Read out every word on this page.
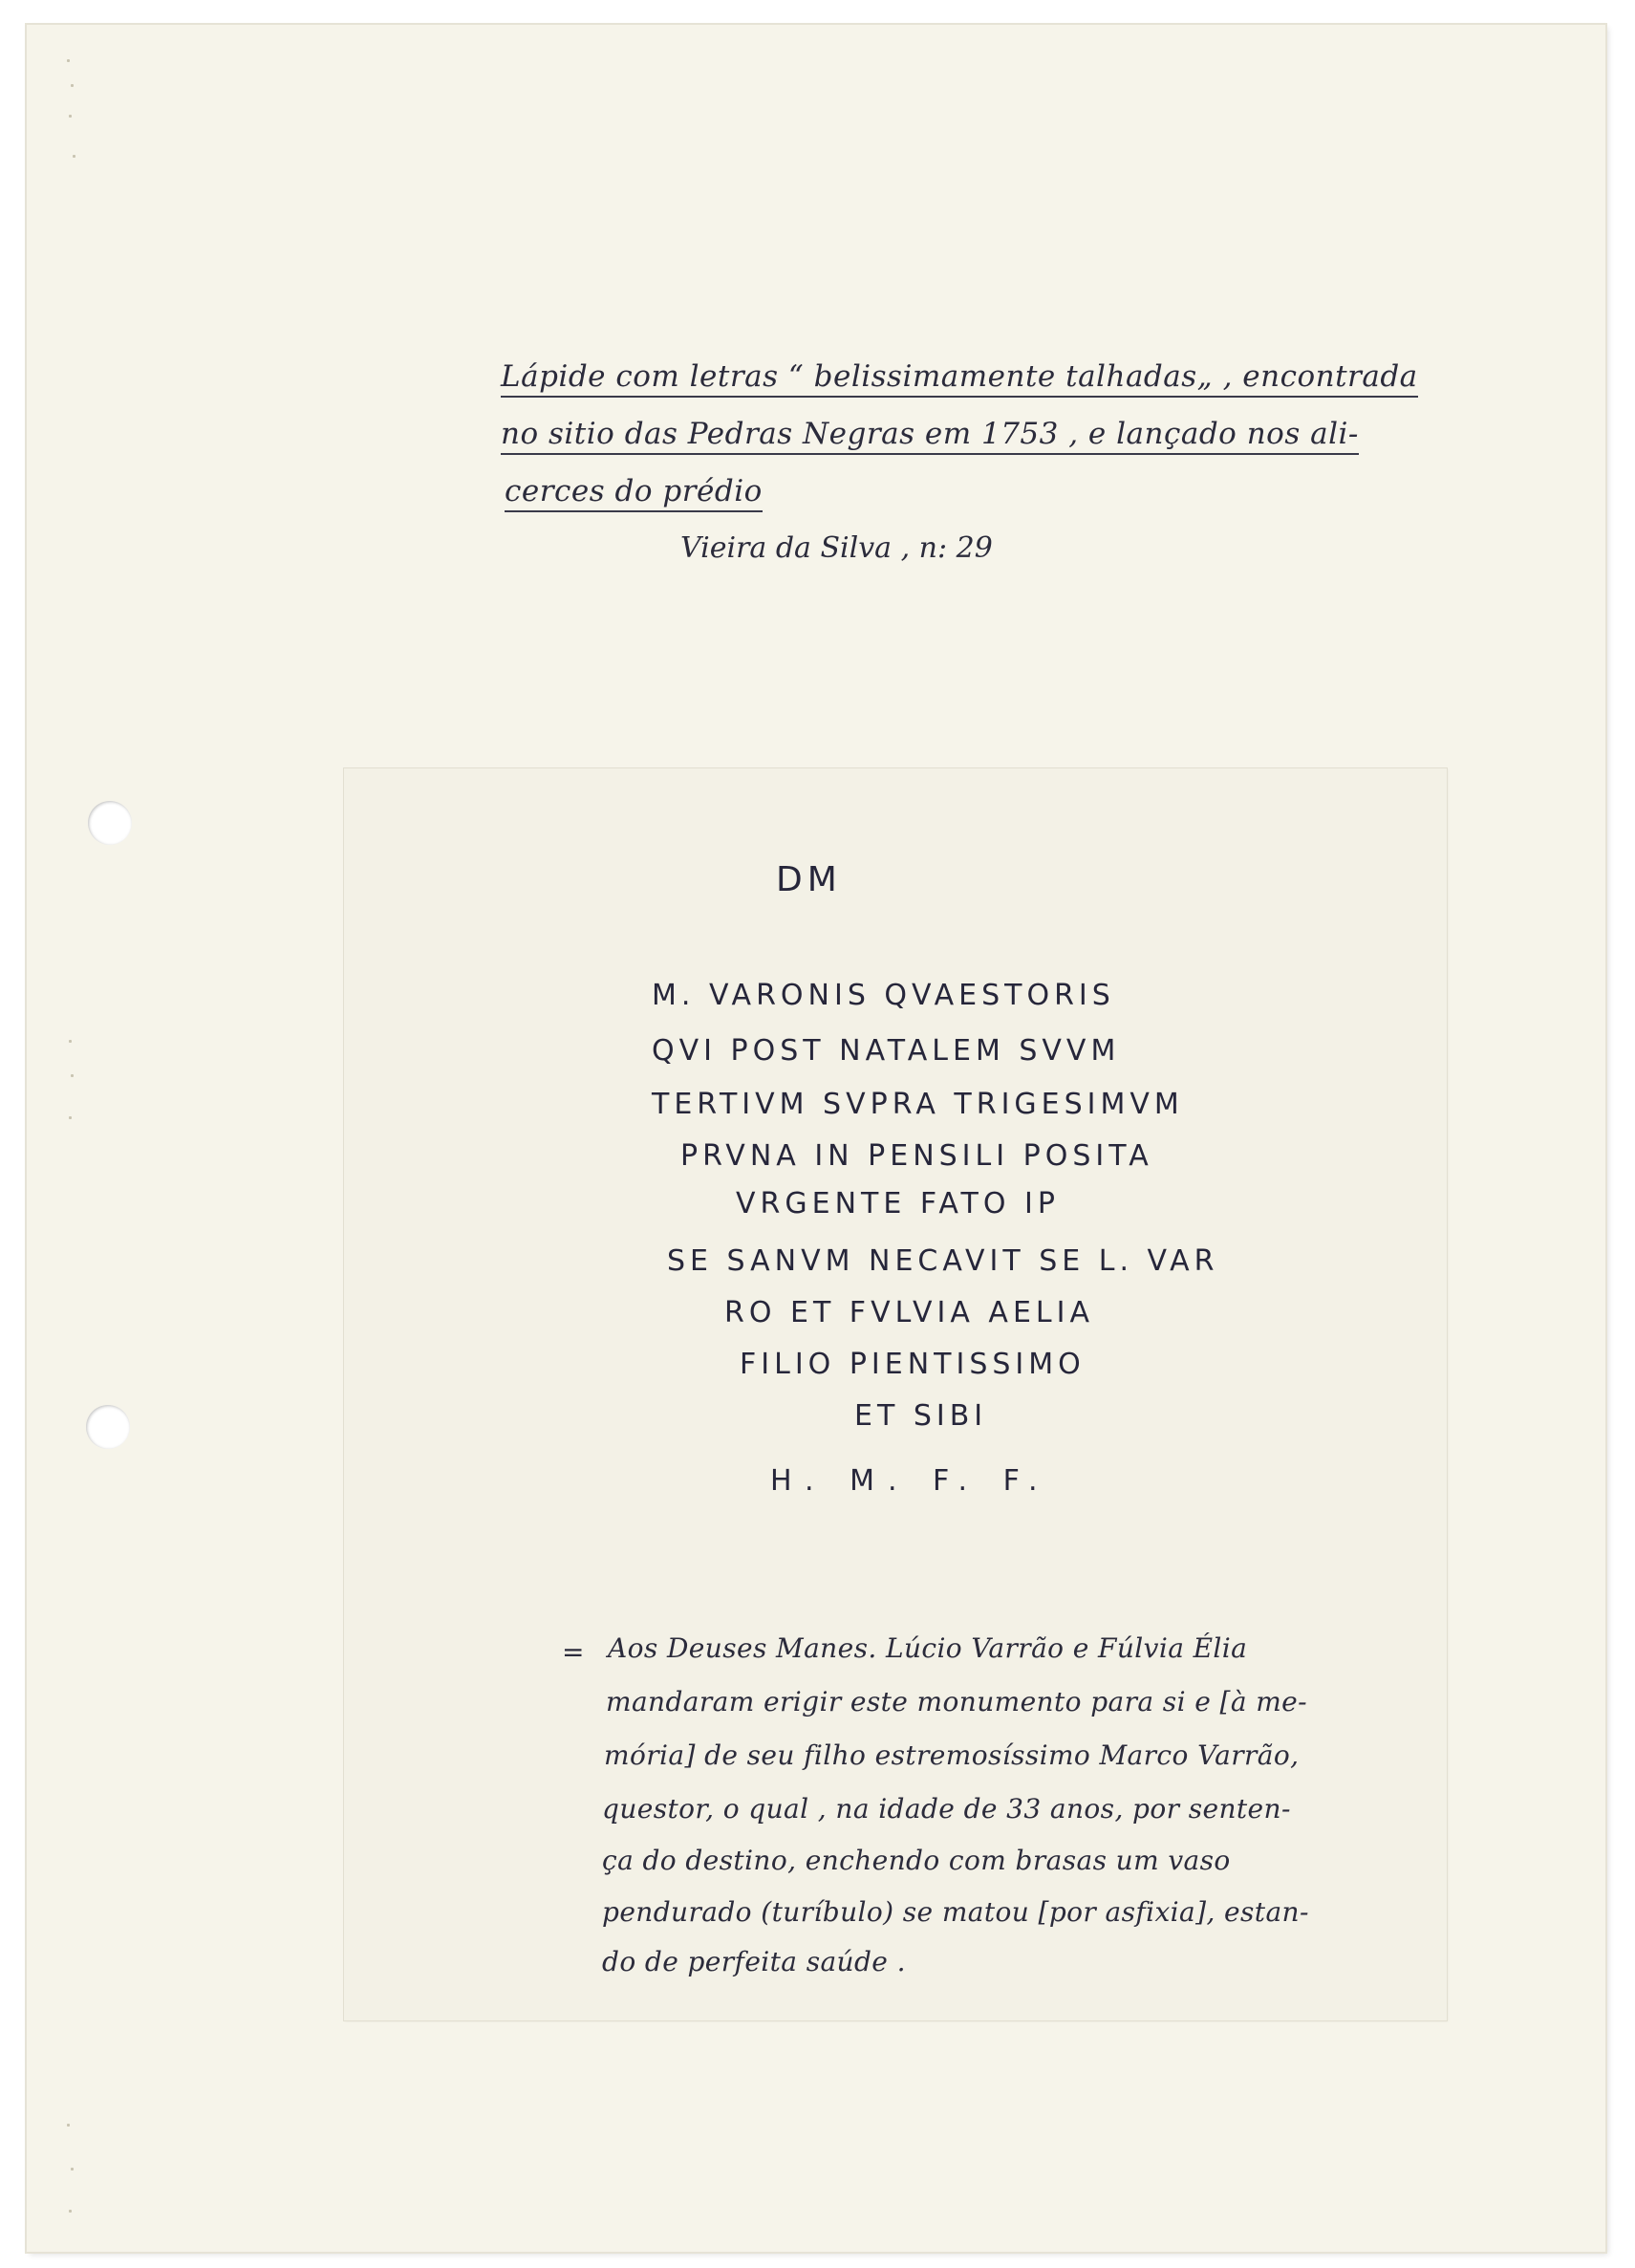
Lápide com letras “ belissimamente talhadas„ , encontrada
no sitio das Pedras Negras em 1753 , e lançado nos ali-
cerces do prédio
Vieira da Silva , n: 29
DM
M. VARONIS QVAESTORIS
QVI POST NATALEM SVVM
TERTIVM SVPRA TRIGESIMVM
PRVNA IN PENSILI POSITA
VRGENTE FATO IP
SE SANVM NECAVIT SE L. VAR
RO ET FVLVIA AELIA
FILIO PIENTISSIMO
ET SIBI
H. M. F. F.
= Aos Deuses Manes. Lúcio Varrão e Fúlvia Élia
mandaram erigir este monumento para si e [à me-
mória] de seu filho estremosíssimo Marco Varrão,
questor, o qual , na idade de 33 anos, por senten-
ça do destino, enchendo com brasas um vaso
pendurado (turíbulo) se matou [por asfixia], estan-
do de perfeita saúde .
